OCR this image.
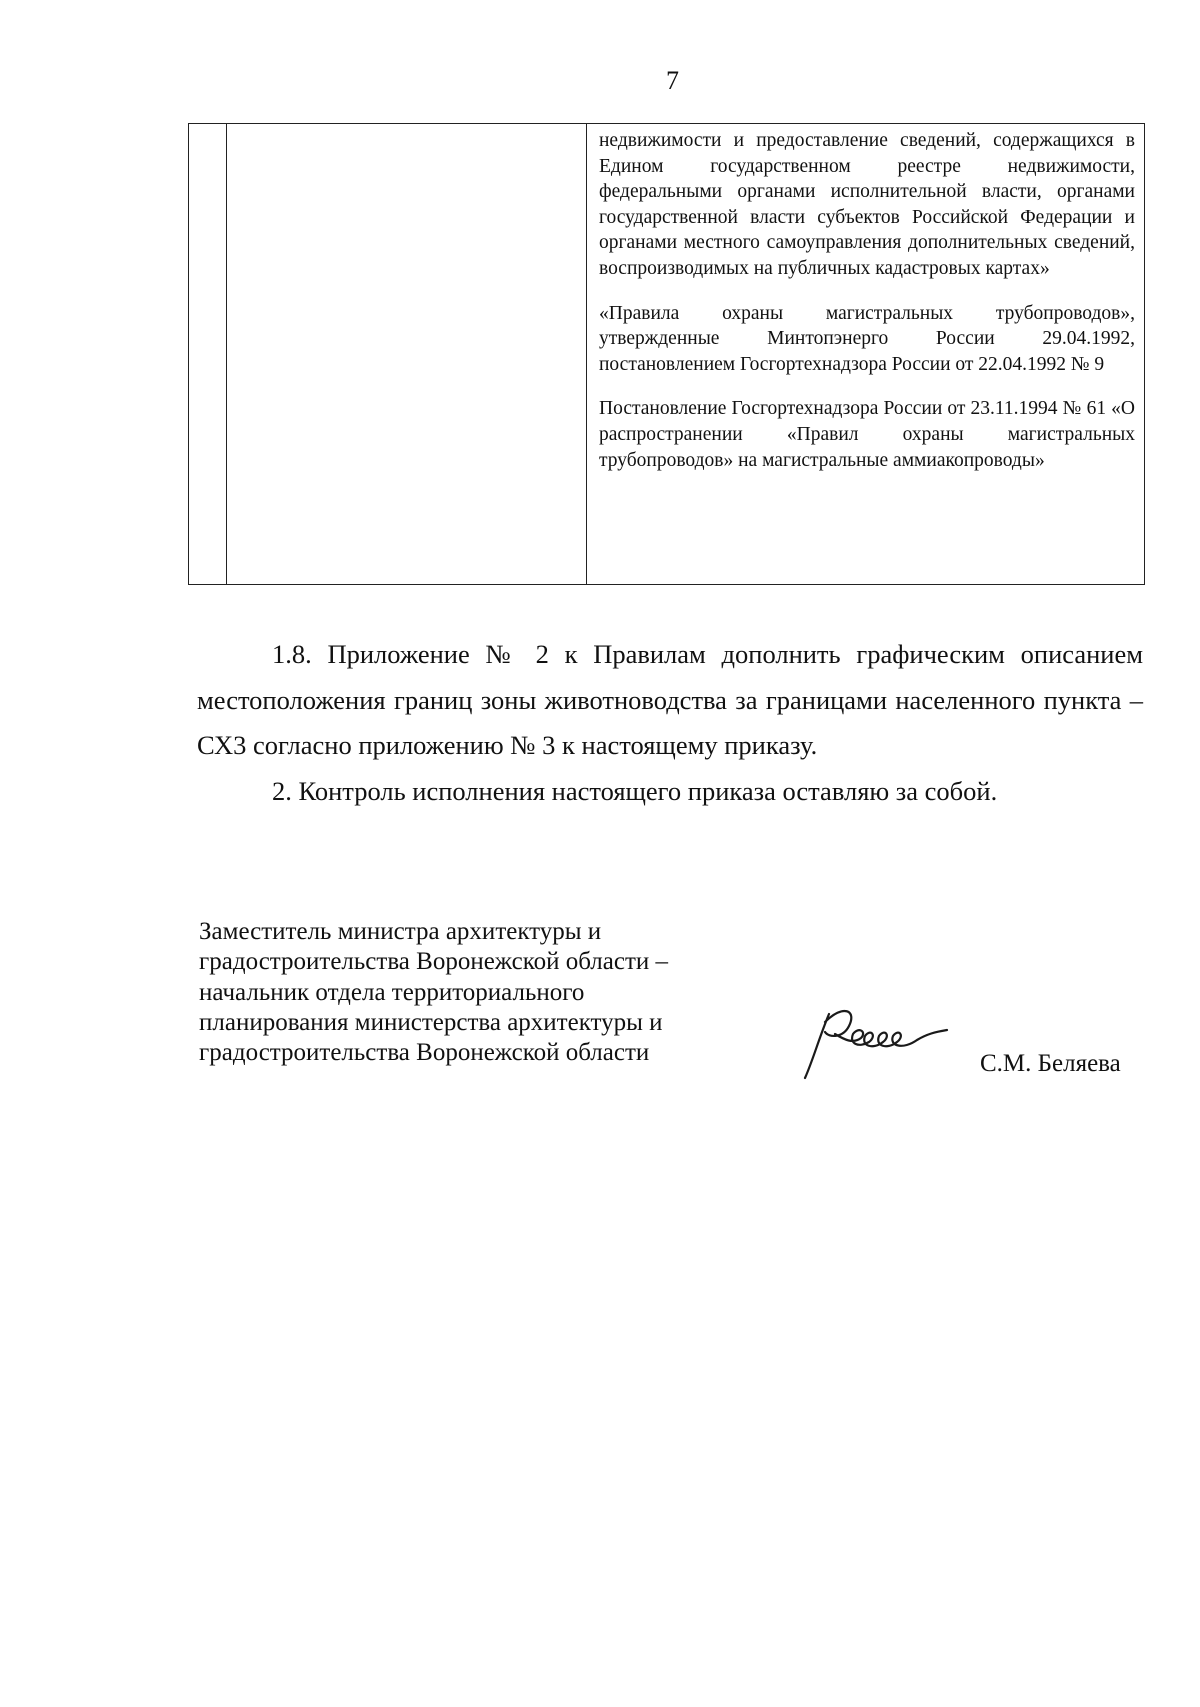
7

недвижимости и предоставление сведений, содержащихся в Едином государственном реестре недвижимости, федеральными органами исполнительной власти, органами государственной власти субъектов Российской Федерации и органами местного самоуправления дополнительных сведений, воспроизводимых на публичных кадастровых картах»

«Правила охраны магистральных трубопроводов», утвержденные Минтопэнерго России 29.04.1992, постановлением Госгортехнадзора России от 22.04.1992 № 9

Постановление Госгортехнадзора России от 23.11.1994 № 61 «О распространении «Правил охраны магистральных трубопроводов» на магистральные аммиакопроводы»

1.8. Приложение № 2 к Правилам дополнить графическим описанием местоположения границ зоны животноводства за границами населенного пункта – СХ3 согласно приложению № 3 к настоящему приказу.

2. Контроль исполнения настоящего приказа оставляю за собой.

Заместитель министра архитектуры и
градостроительства Воронежской области –
начальник отдела территориального
планирования министерства архитектуры и
градостроительства Воронежской области	С.М. Беляева
